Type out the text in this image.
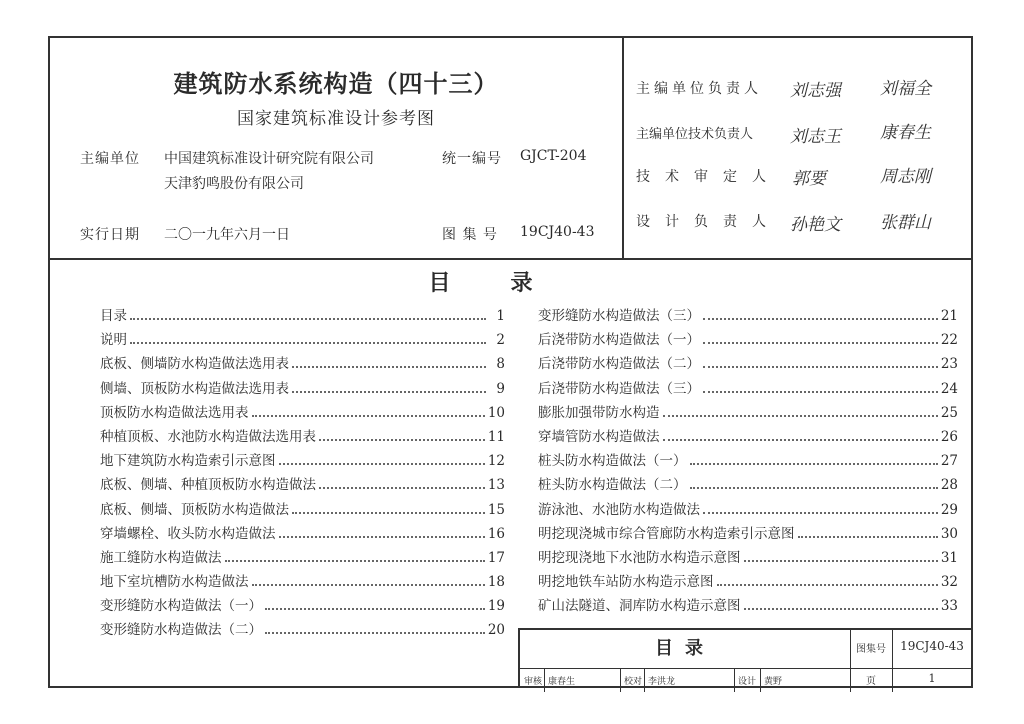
建筑防水系统构造（四十三）
国家建筑标准设计参考图
主编单位 中国建筑标准设计研究院有限公司
天津豹鸣股份有限公司
统一编号 GJCT-204
实行日期 二〇一九年六月一日	图 集 号 19CJ40-43
主编单位负责人	刘志强 刘福全
主编单位技术负责人	刘志王 康春生
技术审定人 郭要	周志刚
设计负责人 孙艳文 张群山
目录
目录	1
说明	2
底板、侧墙防水构造做法选用表	8
侧墙、顶板防水构造做法选用表	9
顶板防水构造做法选用表	10
种植顶板、水池防水构造做法选用表	11
地下建筑防水构造索引示意图	12
底板、侧墙、种植顶板防水构造做法	13
底板、侧墙、顶板防水构造做法	15
穿墙螺栓、收头防水构造做法	16
施工缝防水构造做法	17
地下室坑槽防水构造做法	18
变形缝防水构造做法（一）	19
变形缝防水构造做法（二）	20
变形缝防水构造做法（三）	21
后浇带防水构造做法（一）	22
后浇带防水构造做法（二）	23
后浇带防水构造做法（三）	24
膨胀加强带防水构造	25
穿墙管防水构造做法	26
桩头防水构造做法（一）	27
桩头防水构造做法（二）	28
游泳池、水池防水构造做法	29
明挖现浇城市综合管廊防水构造索引示意图	30
明挖现浇地下水池防水构造示意图	31
明挖地铁车站防水构造示意图	32
矿山法隧道、洞库防水构造示意图	33
目录	图集号	19CJ40-43
页	1
审核 康春生	校对 李洪龙	设计 黄野
